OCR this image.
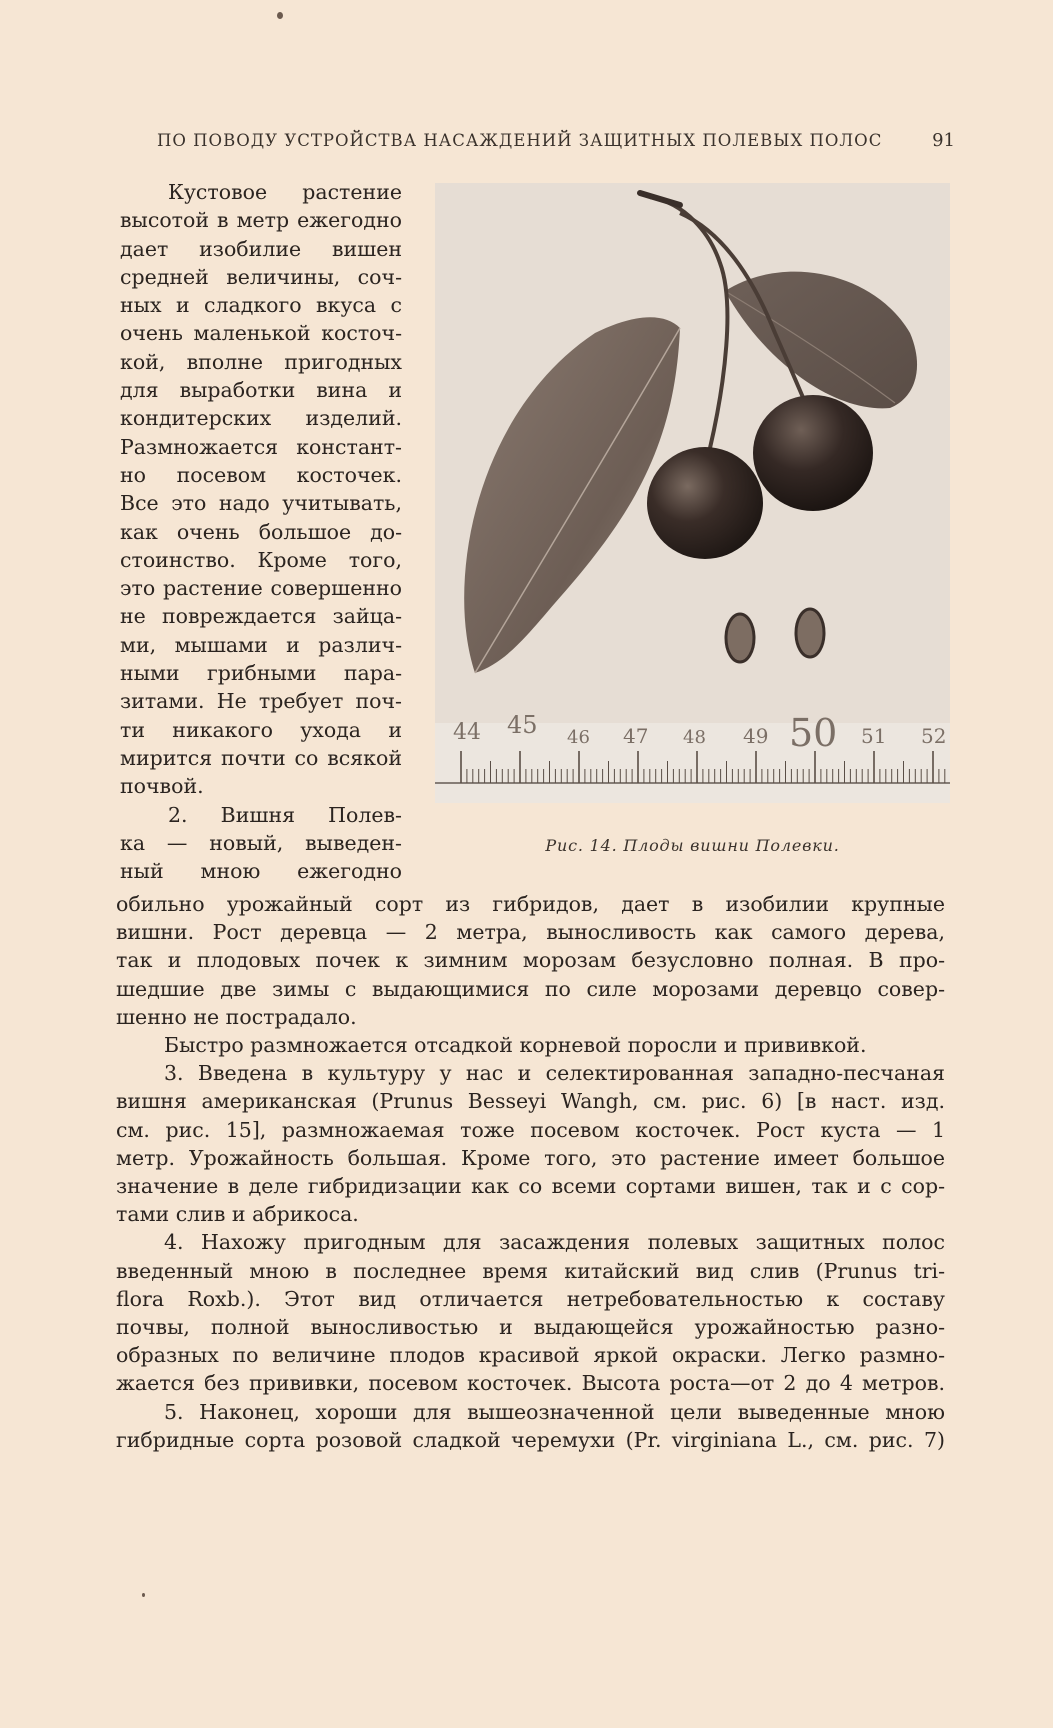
ПО ПОВОДУ УСТРОЙСТВА НАСАЖДЕНИЙ ЗАЩИТНЫХ ПОЛЕВЫХ ПОЛОС	91
Кустовое растение
высотой в метр ежегодно
дает изобилие вишен
средней величины, соч-
ных и сладкого вкуса с
очень маленькой косточ-
кой, вполне пригодных
для выработки вина и
кондитерских изделий.
Размножается констант-
но посевом косточек.
Все это надо учитывать,
как очень большое до-
стоинство. Кроме того,
это растение совершенно
не повреждается зайца-
ми, мышами и различ-
ными грибными пара-
зитами. Не требует поч-
ти никакого ухода и
мирится почти со всякой
почвой.
2. Вишня Полев-
ка — новый, выведен-
ный мною ежегодно
44 45 46 47 48 49 50 51 52
Рис. 14. Плоды вишни Полевки.
обильно урожайный сорт из гибридов, дает в изобилии крупные
вишни. Рост деревца — 2 метра, выносливость как самого дерева,
так и плодовых почек к зимним морозам безусловно полная. В про-
шедшие две зимы с выдающимися по силе морозами деревцо совер-
шенно не пострадало.
Быстро размножается отсадкой корневой поросли и прививкой.
3. Введена в культуру у нас и селектированная западно-песчаная
вишня американская (Prunus Besseyi Wangh, см. рис. 6) [в наст. изд.
см. рис. 15], размножаемая тоже посевом косточек. Рост куста — 1
метр. Урожайность большая. Кроме того, это растение имеет большое
значение в деле гибридизации как со всеми сортами вишен, так и с сор-
тами слив и абрикоса.
4. Нахожу пригодным для засаждения полевых защитных полос
введенный мною в последнее время китайский вид слив (Prunus tri-
flora Roxb.). Этот вид отличается нетребовательностью к составу
почвы, полной выносливостью и выдающейся урожайностью разно-
образных по величине плодов красивой яркой окраски. Легко размно-
жается без прививки, посевом косточек. Высота роста—от 2 до 4 метров.
5. Наконец, хороши для вышеозначенной цели выведенные мною
гибридные сорта розовой сладкой черемухи (Pr. virginiana L., см. рис. 7)
